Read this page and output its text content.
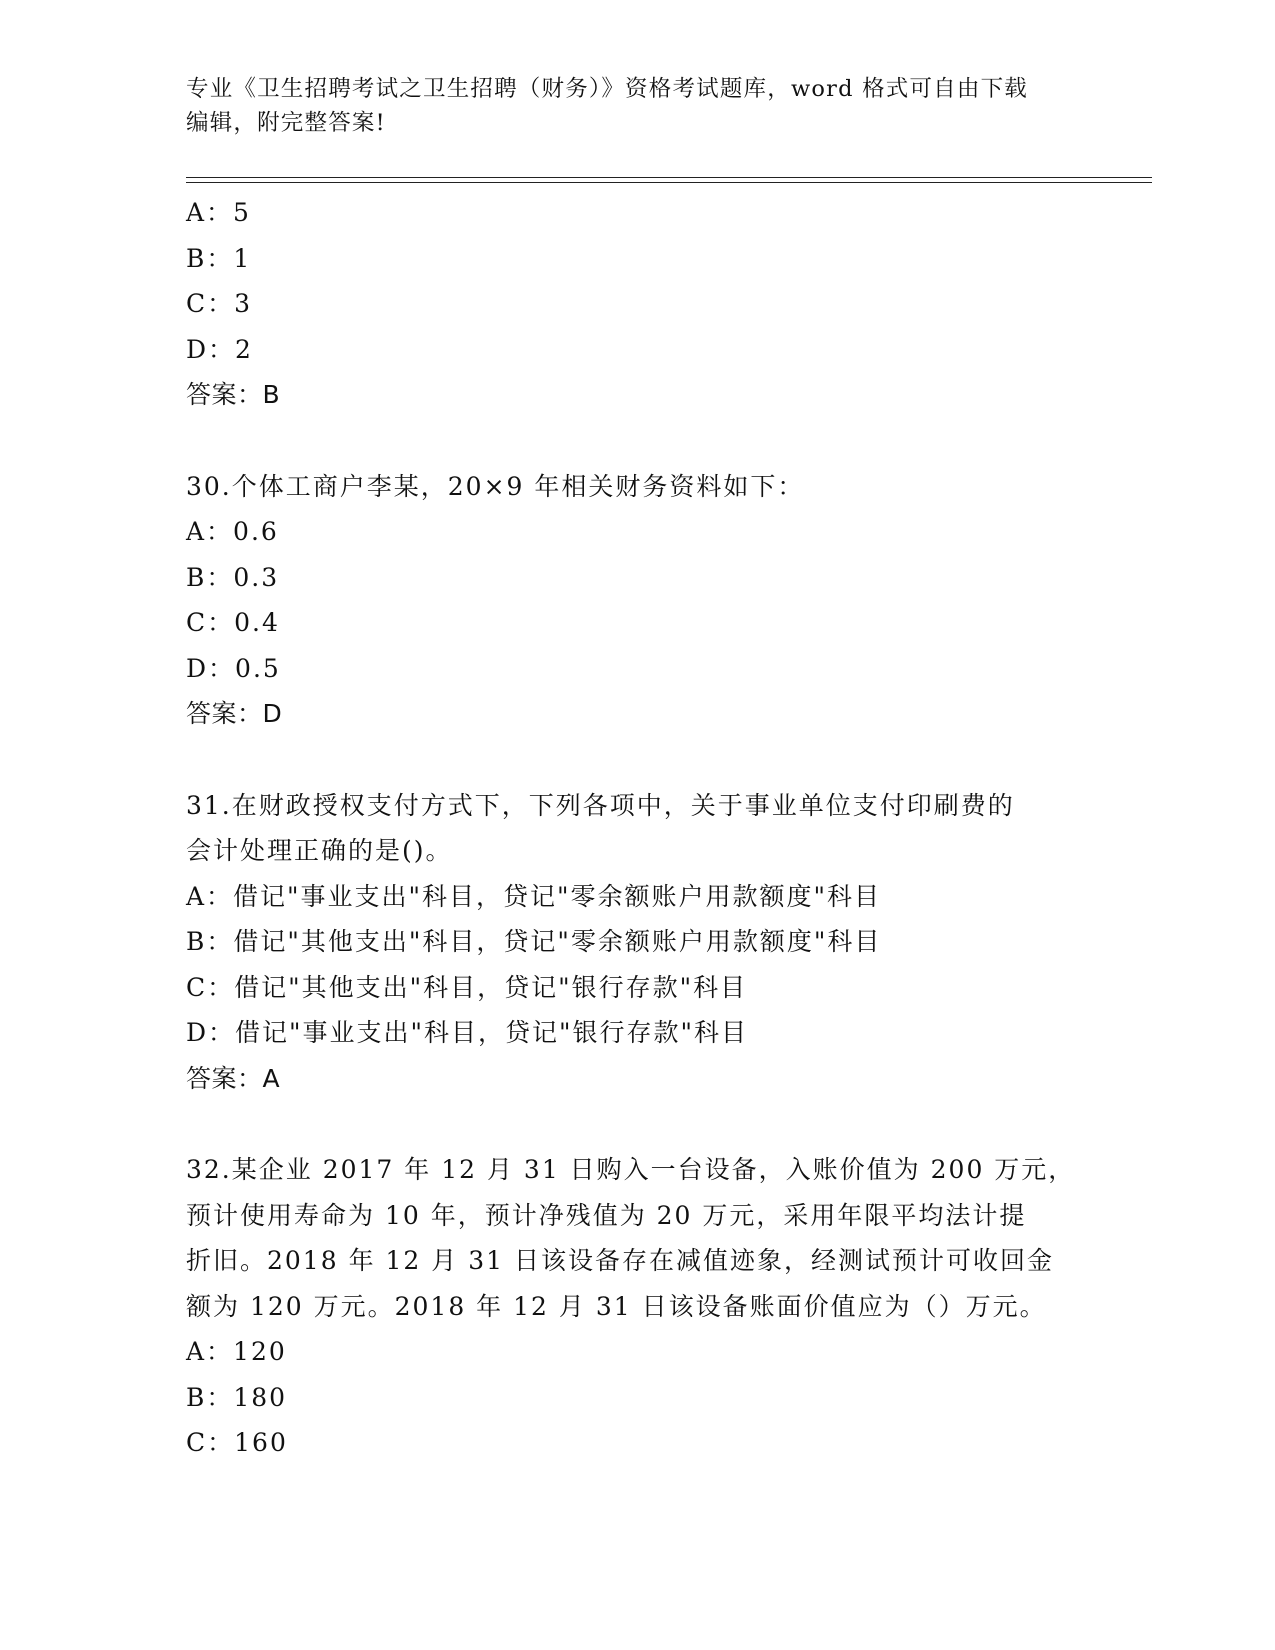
专业《卫生招聘考试之卫生招聘（财务）》资格考试题库，word 格式可自由下载
编辑，附完整答案!
A：5
B：1
C：3
D：2
答案：B
30.个体工商户李某，20×9 年相关财务资料如下：
A：0.6
B：0.3
C：0.4
D：0.5
答案：D
31.在财政授权支付方式下，下列各项中，关于事业单位支付印刷费的
会计处理正确的是()。
A：借记"事业支出"科目，贷记"零余额账户用款额度"科目
B：借记"其他支出"科目，贷记"零余额账户用款额度"科目
C：借记"其他支出"科目，贷记"银行存款"科目
D：借记"事业支出"科目，贷记"银行存款"科目
答案：A
32.某企业 2017 年 12 月 31 日购入一台设备，入账价值为 200 万元，
预计使用寿命为 10 年，预计净残值为 20 万元，采用年限平均法计提
折旧。2018 年 12 月 31 日该设备存在减值迹象，经测试预计可收回金
额为 120 万元。2018 年 12 月 31 日该设备账面价值应为（）万元。
A：120
B：180
C：160
